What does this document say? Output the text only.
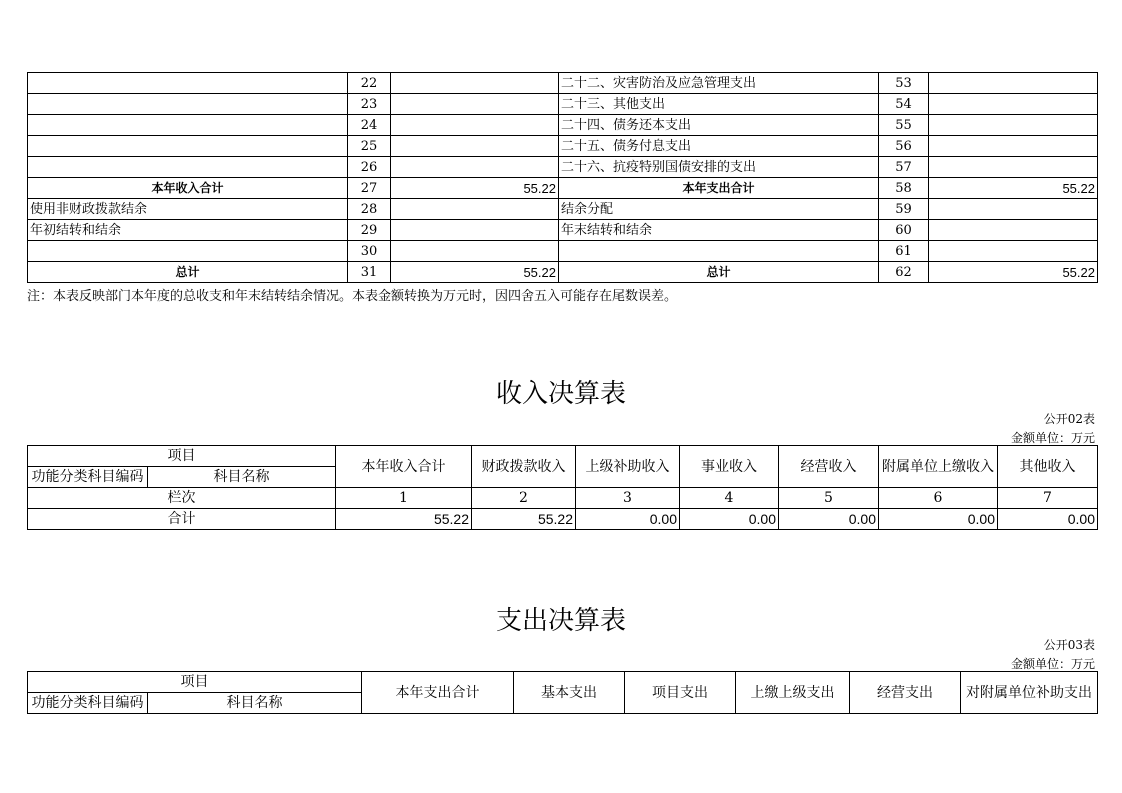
	22		二十二、灾害防治及应急管理支出	53	
	23		二十三、其他支出	54	
	24		二十四、债务还本支出	55	
	25		二十五、债务付息支出	56	
	26		二十六、抗疫特别国债安排的支出	57	
本年收入合计	27	55.22	本年支出合计	58	55.22
使用非财政拨款结余	28		结余分配	59	
年初结转和结余	29		年末结转和结余	60	
	30			61	
总计	31	55.22	总计	62	55.22
注：本表反映部门本年度的总收支和年末结转结余情况。本表金额转换为万元时，因四舍五入可能存在尾数误差。
收入决算表
公开02表
金额单位：万元
项目		本年收入合计	财政拨款收入	上级补助收入	事业收入	经营收入	附属单位上缴收入	其他收入
功能分类科目编码	科目名称							
栏次		1	2	3	4	5	6	7
合计		55.22	55.22	0.00	0.00	0.00	0.00	0.00
支出决算表
公开03表
金额单位：万元
项目		本年支出合计	基本支出	项目支出	上缴上级支出	经营支出	对附属单位补助支出
功能分类科目编码	科目名称						
